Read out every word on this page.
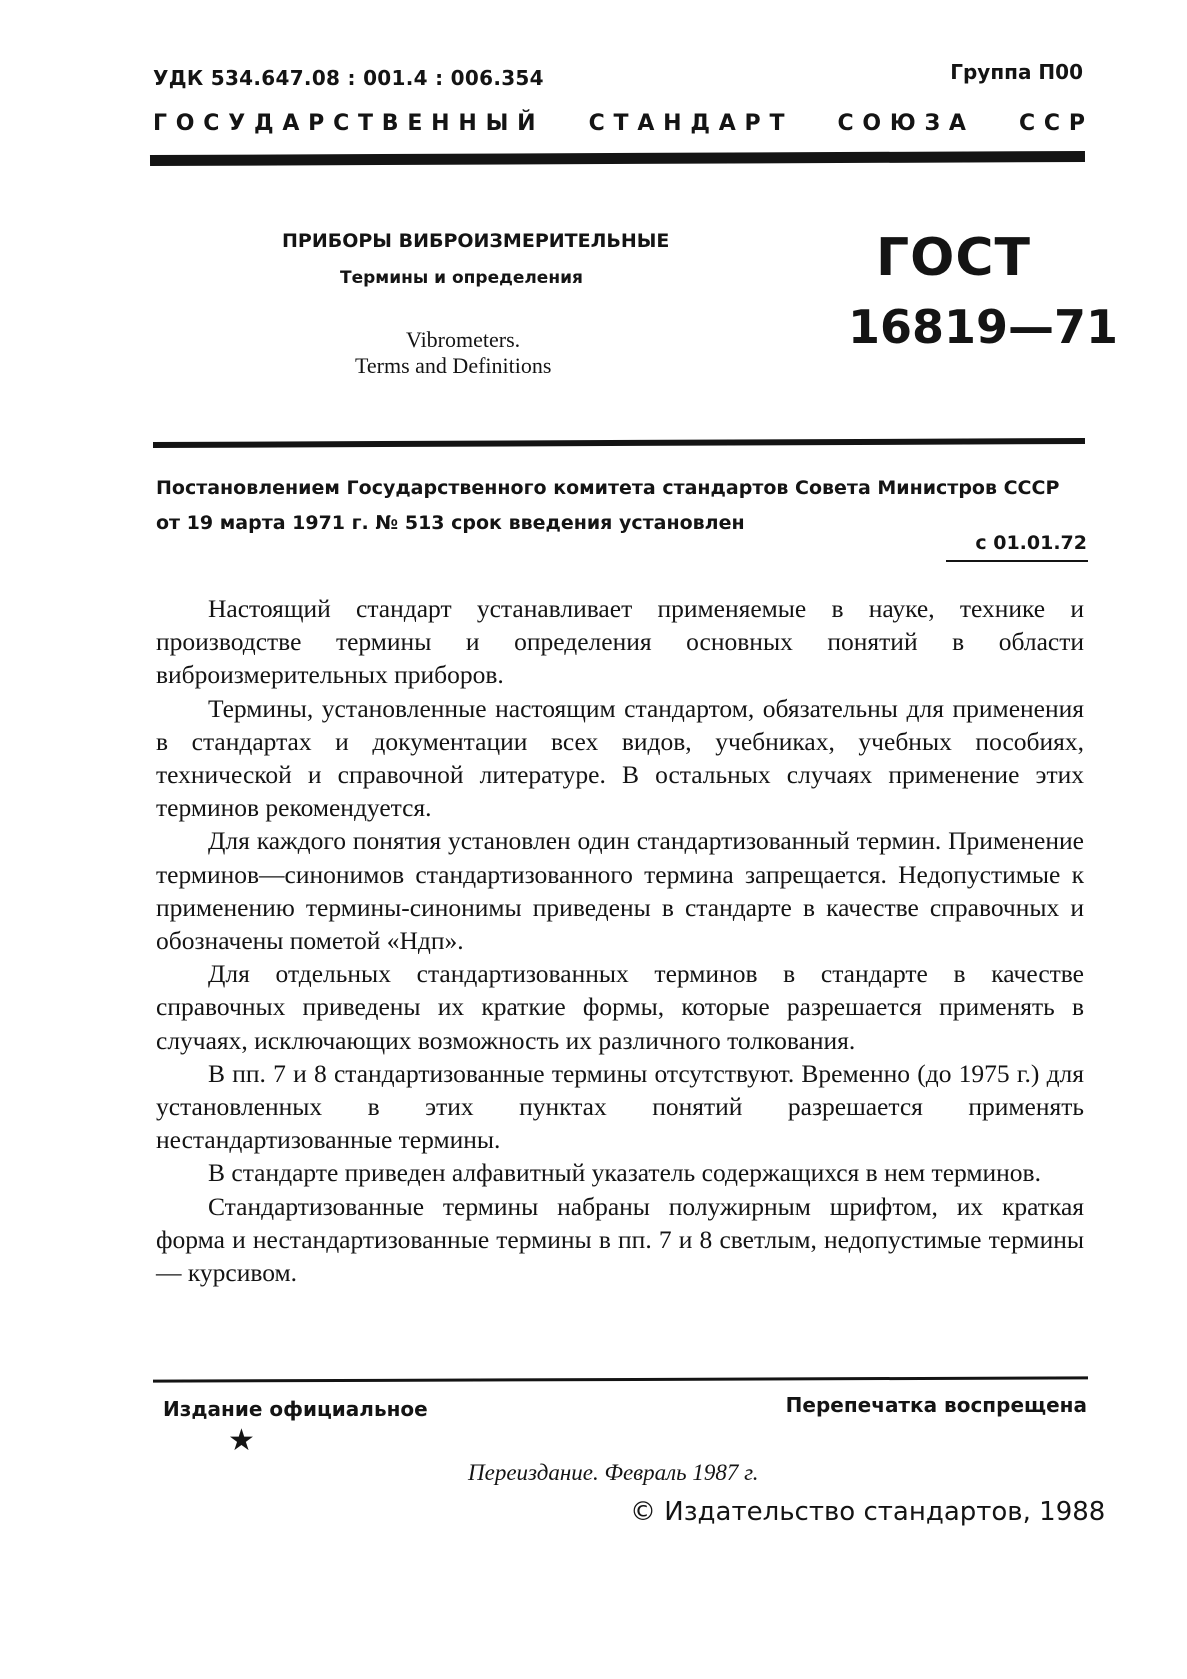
УДК 534.647.08 : 001.4 : 006.354	Группа П00
Г  О  С  У  Д  А  Р  С  Т  В  Е  Н  Н  Ы  Й С  Т  А  Н  Д  А  Р  Т С  О  Ю  З  А С  С  Р
ПРИБОРЫ ВИБРОИЗМЕРИТЕЛЬНЫЕ
Термины и определения
Vibrometers.
Terms and Definitions
ГОСТ
16819—71
Постановлением Государственного комитета стандартов Совета Министров СССР
от 19 марта 1971 г. № 513 срок введения установлен
с 01.01.72

Настоящий стандарт устанавливает применяемые в науке, технике и производстве термины и определения основных понятий в области виброизмерительных приборов.

Термины, установленные настоящим стандартом, обязательны для применения в стандартах и документации всех видов, учебниках, учебных пособиях, технической и справочной литературе. В остальных случаях применение этих терминов рекомендуется.

Для каждого понятия установлен один стандартизованный термин. Применение терминов—синонимов стандартизованного термина запрещается. Недопустимые к применению термины-синонимы приведены в стандарте в качестве справочных и обозначены пометой «Ндп».

Для отдельных стандартизованных терминов в стандарте в качестве справочных приведены их краткие формы, которые разрешается применять в случаях, исключающих возможность их различного толкования.

В пп. 7 и 8 стандартизованные термины отсутствуют. Временно (до 1975 г.) для установленных в этих пунктах понятий разрешается применять нестандартизованные термины.

В стандарте приведен алфавитный указатель содержащихся в нем терминов.

Стандартизованные термины набраны полужирным шрифтом, их краткая форма и нестандартизованные термины в пп. 7 и 8 светлым, недопустимые термины — курсивом.

Издание официальное	Перепечатка воспрещена
★
Переиздание. Февраль 1987 г.
© Издательство стандартов, 1988
